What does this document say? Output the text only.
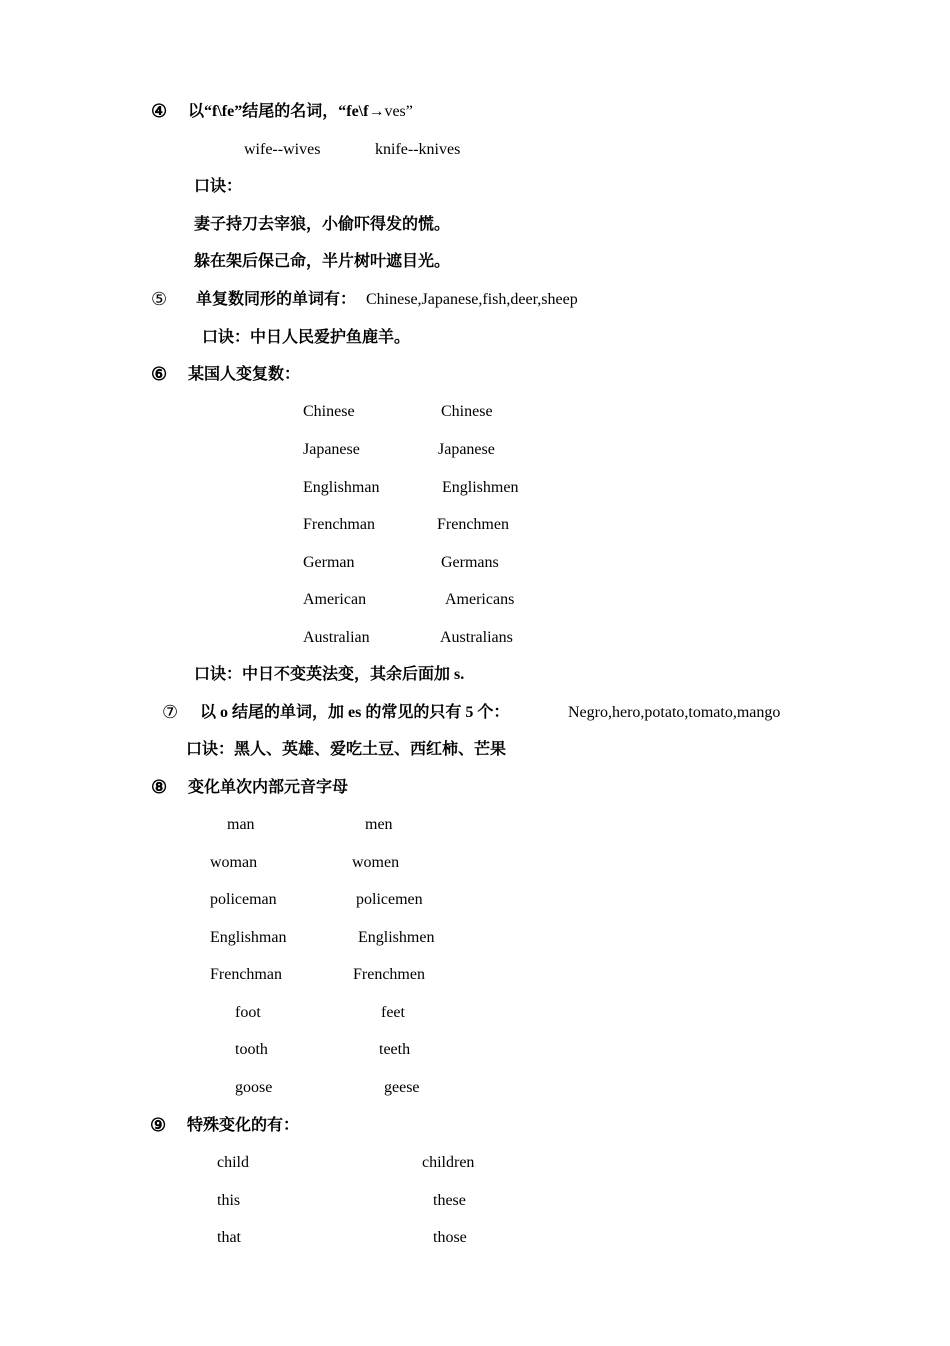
④ 以“f\fe”结尾的名词，“fe\f→ves”
wife--wives	knife--knives
口诀：
妻子持刀去宰狼，小偷吓得发的慌。
躲在架后保己命，半片树叶遮目光。
⑤ 单复数同形的单词有： Chinese,Japanese,fish,deer,sheep
口诀：中日人民爱护鱼鹿羊。
⑥ 某国人变复数：
Chinese	Chinese
Japanese	Japanese
Englishman	Englishmen
Frenchman	Frenchmen
German	Germans
American	Americans
Australian	Australians
口诀：中日不变英法变，其余后面加 s.
⑦ 以 o 结尾的单词，加 es 的常见的只有 5 个：	Negro,hero,potato,tomato,mango
口诀：黑人、英雄、爱吃土豆、西红柿、芒果
⑧ 变化单次内部元音字母
man	men
woman	women
policeman	policemen
Englishman	Englishmen
Frenchman	Frenchmen
foot	feet
tooth	teeth
goose	geese
⑨ 特殊变化的有：
child	children
this	these
that	those
